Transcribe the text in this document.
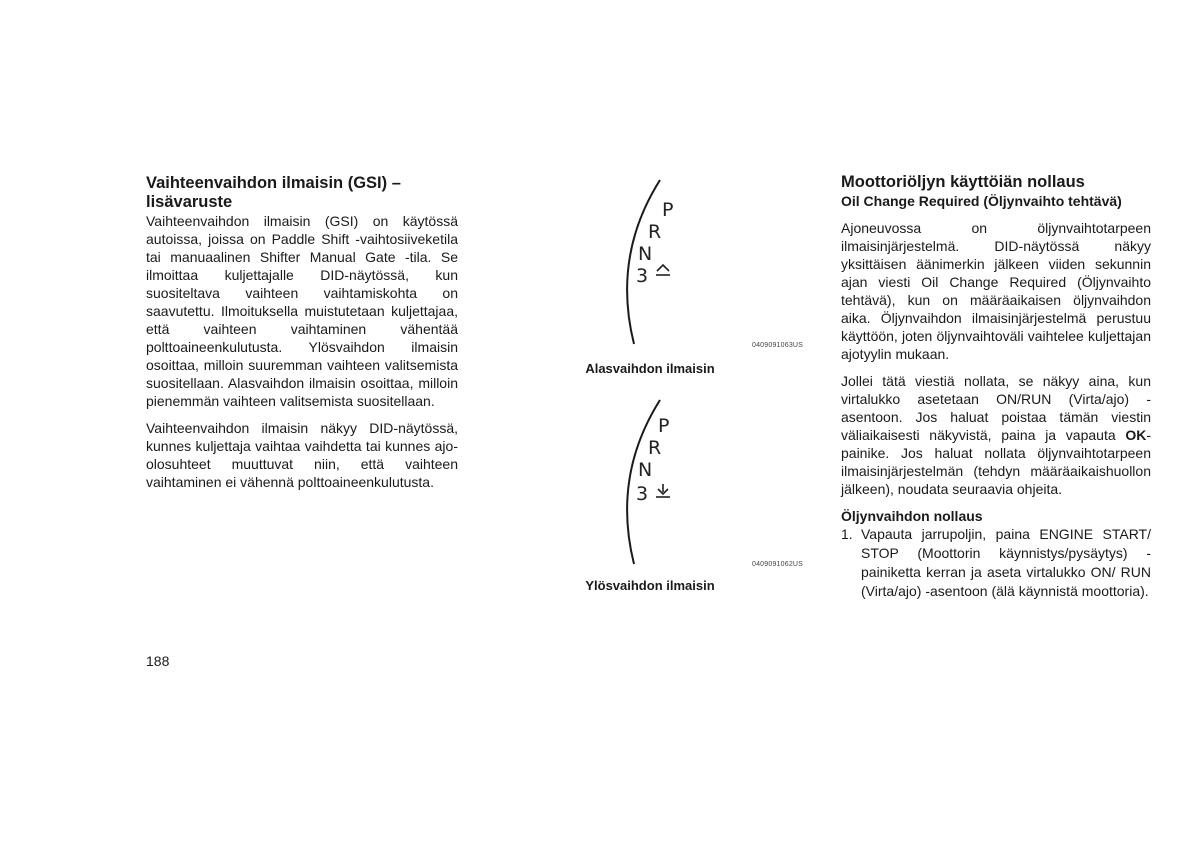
Vaihteenvaihdon ilmaisin (GSI) –
lisävaruste

Vaihteenvaihdon ilmaisin (GSI) on käytössä autoissa, joissa on Paddle Shift -vaihtosiiveketila tai manuaalinen Shifter Manual Gate -tila. Se ilmoittaa kuljettajalle DID-näytössä, kun suositeltava vaihteen vaihtamiskohta on saavutettu. Ilmoituksella muistutetaan kuljettajaa, että vaihteen vaihtaminen vähentää polttoaineenkulutusta. Ylösvaihdon ilmaisin osoittaa, milloin suuremman vaihteen valitsemista suositellaan. Alasvaihdon ilmaisin osoittaa, milloin pienemmän vaihteen valitsemista suositellaan.

Vaihteenvaihdon ilmaisin näkyy DID-näytössä, kunnes kuljettaja vaihtaa vaihdetta tai kunnes ajo-olosuhteet muuttuvat niin, että vaihteen vaihtaminen ei vähennä polttoaineenkulutusta.

P
R
N
3
0409091063US
Alasvaihdon ilmaisin
P
R
N
3
0409091062US
Ylösvaihdon ilmaisin
Moottoriöljyn käyttöiän nollaus
Oil Change Required (Öljynvaihto tehtävä)

Ajoneuvossa on öljynvaihtotarpeen ilmaisinjärjestelmä. DID-näytössä näkyy yksittäisen äänimerkin jälkeen viiden sekunnin ajan viesti Oil Change Required (Öljynvaihto tehtävä), kun on määräaikaisen öljynvaihdon aika. Öljynvaihdon ilmaisinjärjestelmä perustuu käyttöön, joten öljynvaihtoväli vaihtelee kuljettajan ajotyylin mukaan.

Jollei tätä viestiä nollata, se näkyy aina, kun virtalukko asetetaan ON/RUN (Virta/ajo) -asentoon. Jos haluat poistaa tämän viestin väliaikaisesti näkyvistä, paina ja vapauta OK-painike. Jos haluat nollata öljynvaihtotarpeen ilmaisinjärjestelmän (tehdyn määräaikaishuollon jälkeen), noudata seuraavia ohjeita.

Öljynvaihdon nollaus
1. Vapauta jarrupoljin, paina ENGINE START/ STOP (Moottorin käynnistys/pysäytys) -painiketta kerran ja aseta virtalukko ON/ RUN (Virta/ajo) -asentoon (älä käynnistä moottoria).
188
